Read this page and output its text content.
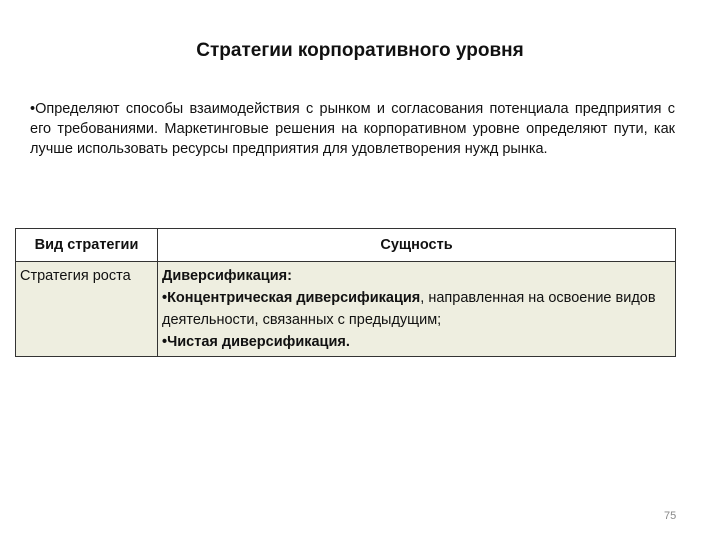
Стратегии корпоративного уровня
•Определяют способы взаимодействия с рынком и согласования потенциала предприятия с его требованиями. Маркетинговые решения на корпоративном уровне определяют пути, как лучше использовать ресурсы предприятия для удовлетворения нужд рынка.
Вид стратегии	Сущность
Стратегия роста	Диверсификация:
•Концентрическая диверсификация, направленная на освоение видов деятельности, связанных с предыдущим;
•Чистая диверсификация.
75
